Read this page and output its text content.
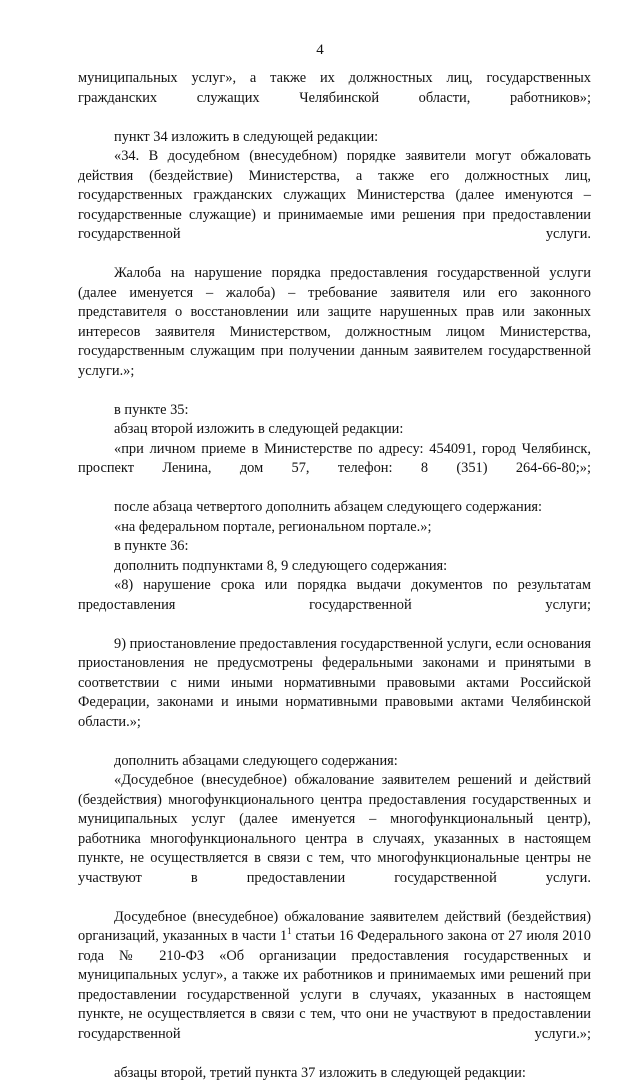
4

муниципальных услуг», а также их должностных лиц, государственных гражданских служащих Челябинской области, работников»;

пункт 34 изложить в следующей редакции:

«34. В досудебном (внесудебном) порядке заявители могут обжаловать действия (бездействие) Министерства, а также его должностных лиц, государственных гражданских служащих Министерства (далее именуются – государственные служащие) и принимаемые ими решения при предоставлении государственной услуги.

Жалоба на нарушение порядка предоставления государственной услуги (далее именуется – жалоба) – требование заявителя или его законного представителя о восстановлении или защите нарушенных прав или законных интересов заявителя Министерством, должностным лицом Министерства, государственным служащим при получении данным заявителем государственной услуги.»;

в пункте 35:

абзац второй изложить в следующей редакции:

«при личном приеме в Министерстве по адресу: 454091, город Челябинск, проспект Ленина, дом 57, телефон: 8 (351) 264-66-80;»;

после абзаца четвертого дополнить абзацем следующего содержания:

«на федеральном портале, региональном портале.»;

в пункте 36:

дополнить подпунктами 8, 9 следующего содержания:

«8) нарушение срока или порядка выдачи документов по результатам предоставления государственной услуги;

9) приостановление предоставления государственной услуги, если основания приостановления не предусмотрены федеральными законами и принятыми в соответствии с ними иными нормативными правовыми актами Российской Федерации, законами и иными нормативными правовыми актами Челябинской области.»;

дополнить абзацами следующего содержания:

«Досудебное (внесудебное) обжалование заявителем решений и действий (бездействия) многофункционального центра предоставления государственных и муниципальных услуг (далее именуется – многофункциональный центр), работника многофункционального центра в случаях, указанных в настоящем пункте, не осуществляется в связи с тем, что многофункциональные центры не участвуют в предоставлении государственной услуги.

Досудебное (внесудебное) обжалование заявителем действий (бездействия) организаций, указанных в части $1^1$ статьи 16 Федерального закона от 27 июля 2010 года № 210-ФЗ «Об организации предоставления государственных и муниципальных услуг», а также их работников и принимаемых ими решений при предоставлении государственной услуги в случаях, указанных в настоящем пункте, не осуществляется в связи с тем, что они не участвуют в предоставлении государственной услуги.»;

абзацы второй, третий пункта 37 изложить в следующей редакции:
